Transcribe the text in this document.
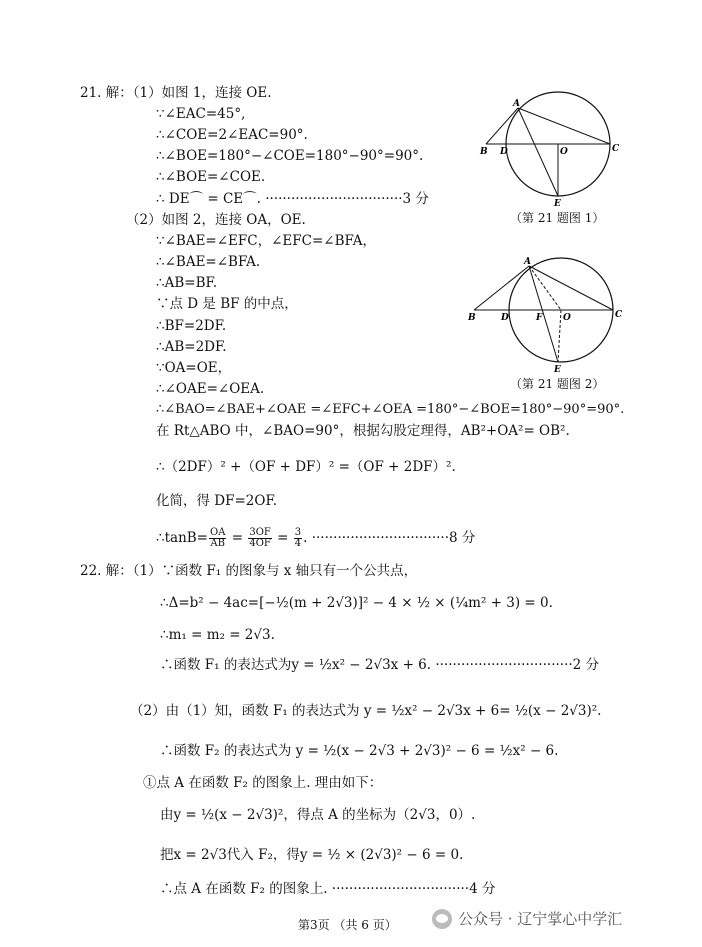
21. 解：（1）如图 1，连接 OE.
∵∠EAC=45°,
∴∠COE=2∠EAC=90°.
∴∠BOE=180°−∠COE=180°−90°=90°.
∴∠BOE=∠COE.
∴ DE⌒ = CE⌒. ································3 分
（2）如图 2，连接 OA，OE.
∵∠BAE=∠EFC，∠EFC=∠BFA，
∴∠BAE=∠BFA.
∴AB=BF.
∵点 D 是 BF 的中点，
∴BF=2DF.
∴AB=2DF.
∵OA=OE，
∴∠OAE=∠OEA.
∴∠BAO=∠BAE+∠OAE =∠EFC+∠OEA =180°−∠BOE=180°−90°=90°.
在 Rt△ABO 中，∠BAO=90°，根据勾股定理得，AB²+OA²= OB².
∴（2DF）² +（OF + DF）² =（OF + 2DF）².
化简，得 DF=2OF.
∴tanB= $\frac{OA}{AB} = \frac{3OF}{4OF} = \frac{3}{4}$ . ································8 分
A
B D	O	C
E
（第 21 题图 1）
A
B	D	F O	C
E
（第 21 题图 2）
22. 解：（1）∵函数 F₁ 的图象与 x 轴只有一个公共点，
∴Δ=b² − 4ac=[−½(m + 2√3)]² − 4 × ½ × (¼m² + 3) = 0.
∴m₁ = m₂ = 2√3.
∴函数 F₁ 的表达式为y = ½x² − 2√3x + 6. ································2 分
（2）由（1）知，函数 F₁ 的表达式为 y = ½x² − 2√3x + 6= ½(x − 2√3)².
∴函数 F₂ 的表达式为 y = ½(x − 2√3 + 2√3)² − 6 = ½x² − 6.
①点 A 在函数 F₂ 的图象上. 理由如下：
由y = ½(x − 2√3)²，得点 A 的坐标为（2√3，0）.
把x = 2√3代入 F₂，得y = ½ × (2√3)² − 6 = 0.
∴点 A 在函数 F₂ 的图象上. ································4 分
第3页 （共 6 页）	公众号 · 辽宁掌心中学汇
